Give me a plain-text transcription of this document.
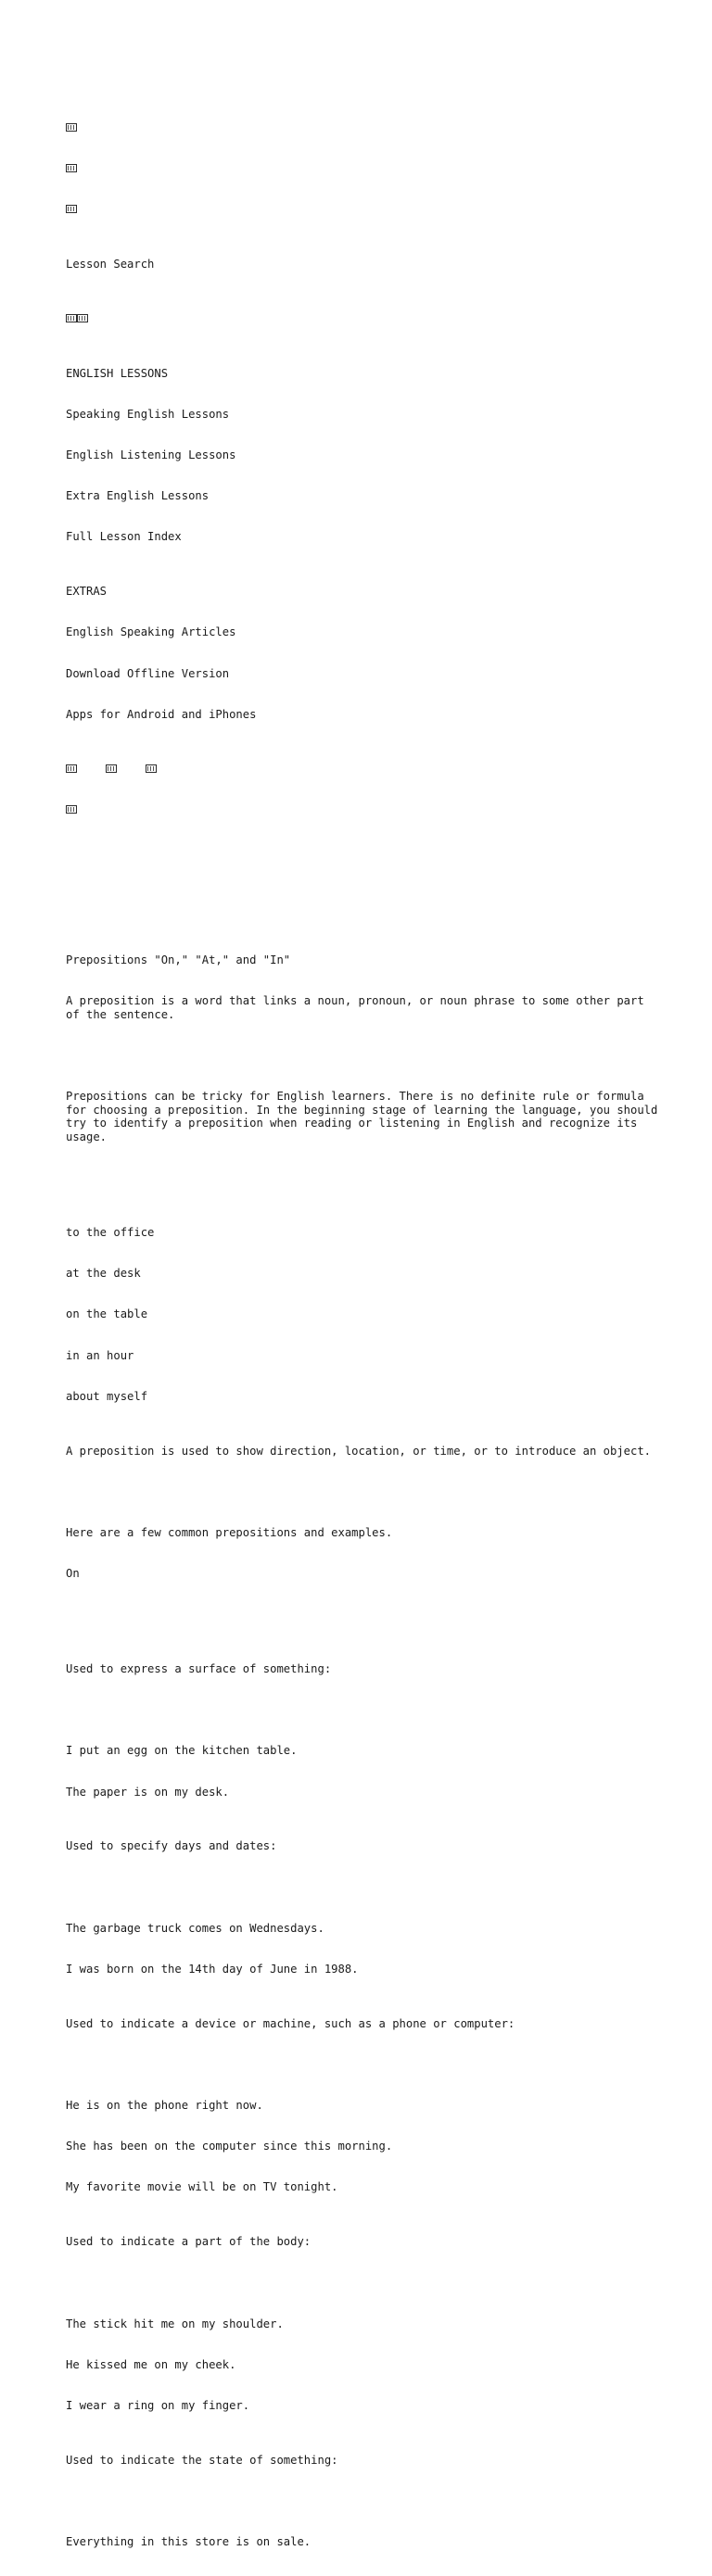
Lesson Search

ENGLISH LESSONS

Speaking English Lessons

English Listening Lessons

Extra English Lessons

Full Lesson Index

EXTRAS

English Speaking Articles

Download Offline Version

Apps for Android and iPhones

Prepositions "On," "At," and "In"

A preposition is a word that links a noun, pronoun, or noun phrase to some other part of the sentence.

Prepositions can be tricky for English learners. There is no definite rule or formula for choosing a preposition. In the beginning stage of learning the language, you should try to identify a preposition when reading or listening in English and recognize its usage.

to the office

at the desk

on the table

in an hour

about myself

A preposition is used to show direction, location, or time, or to introduce an object.

Here are a few common prepositions and examples.

On

Used to express a surface of something:

I put an egg on the kitchen table.

The paper is on my desk.

Used to specify days and dates:

The garbage truck comes on Wednesdays.

I was born on the 14th day of June in 1988.

Used to indicate a device or machine, such as a phone or computer:

He is on the phone right now.

She has been on the computer since this morning.

My favorite movie will be on TV tonight.

Used to indicate a part of the body:

The stick hit me on my shoulder.

He kissed me on my cheek.

I wear a ring on my finger.

Used to indicate the state of something:

Everything in this store is on sale.
